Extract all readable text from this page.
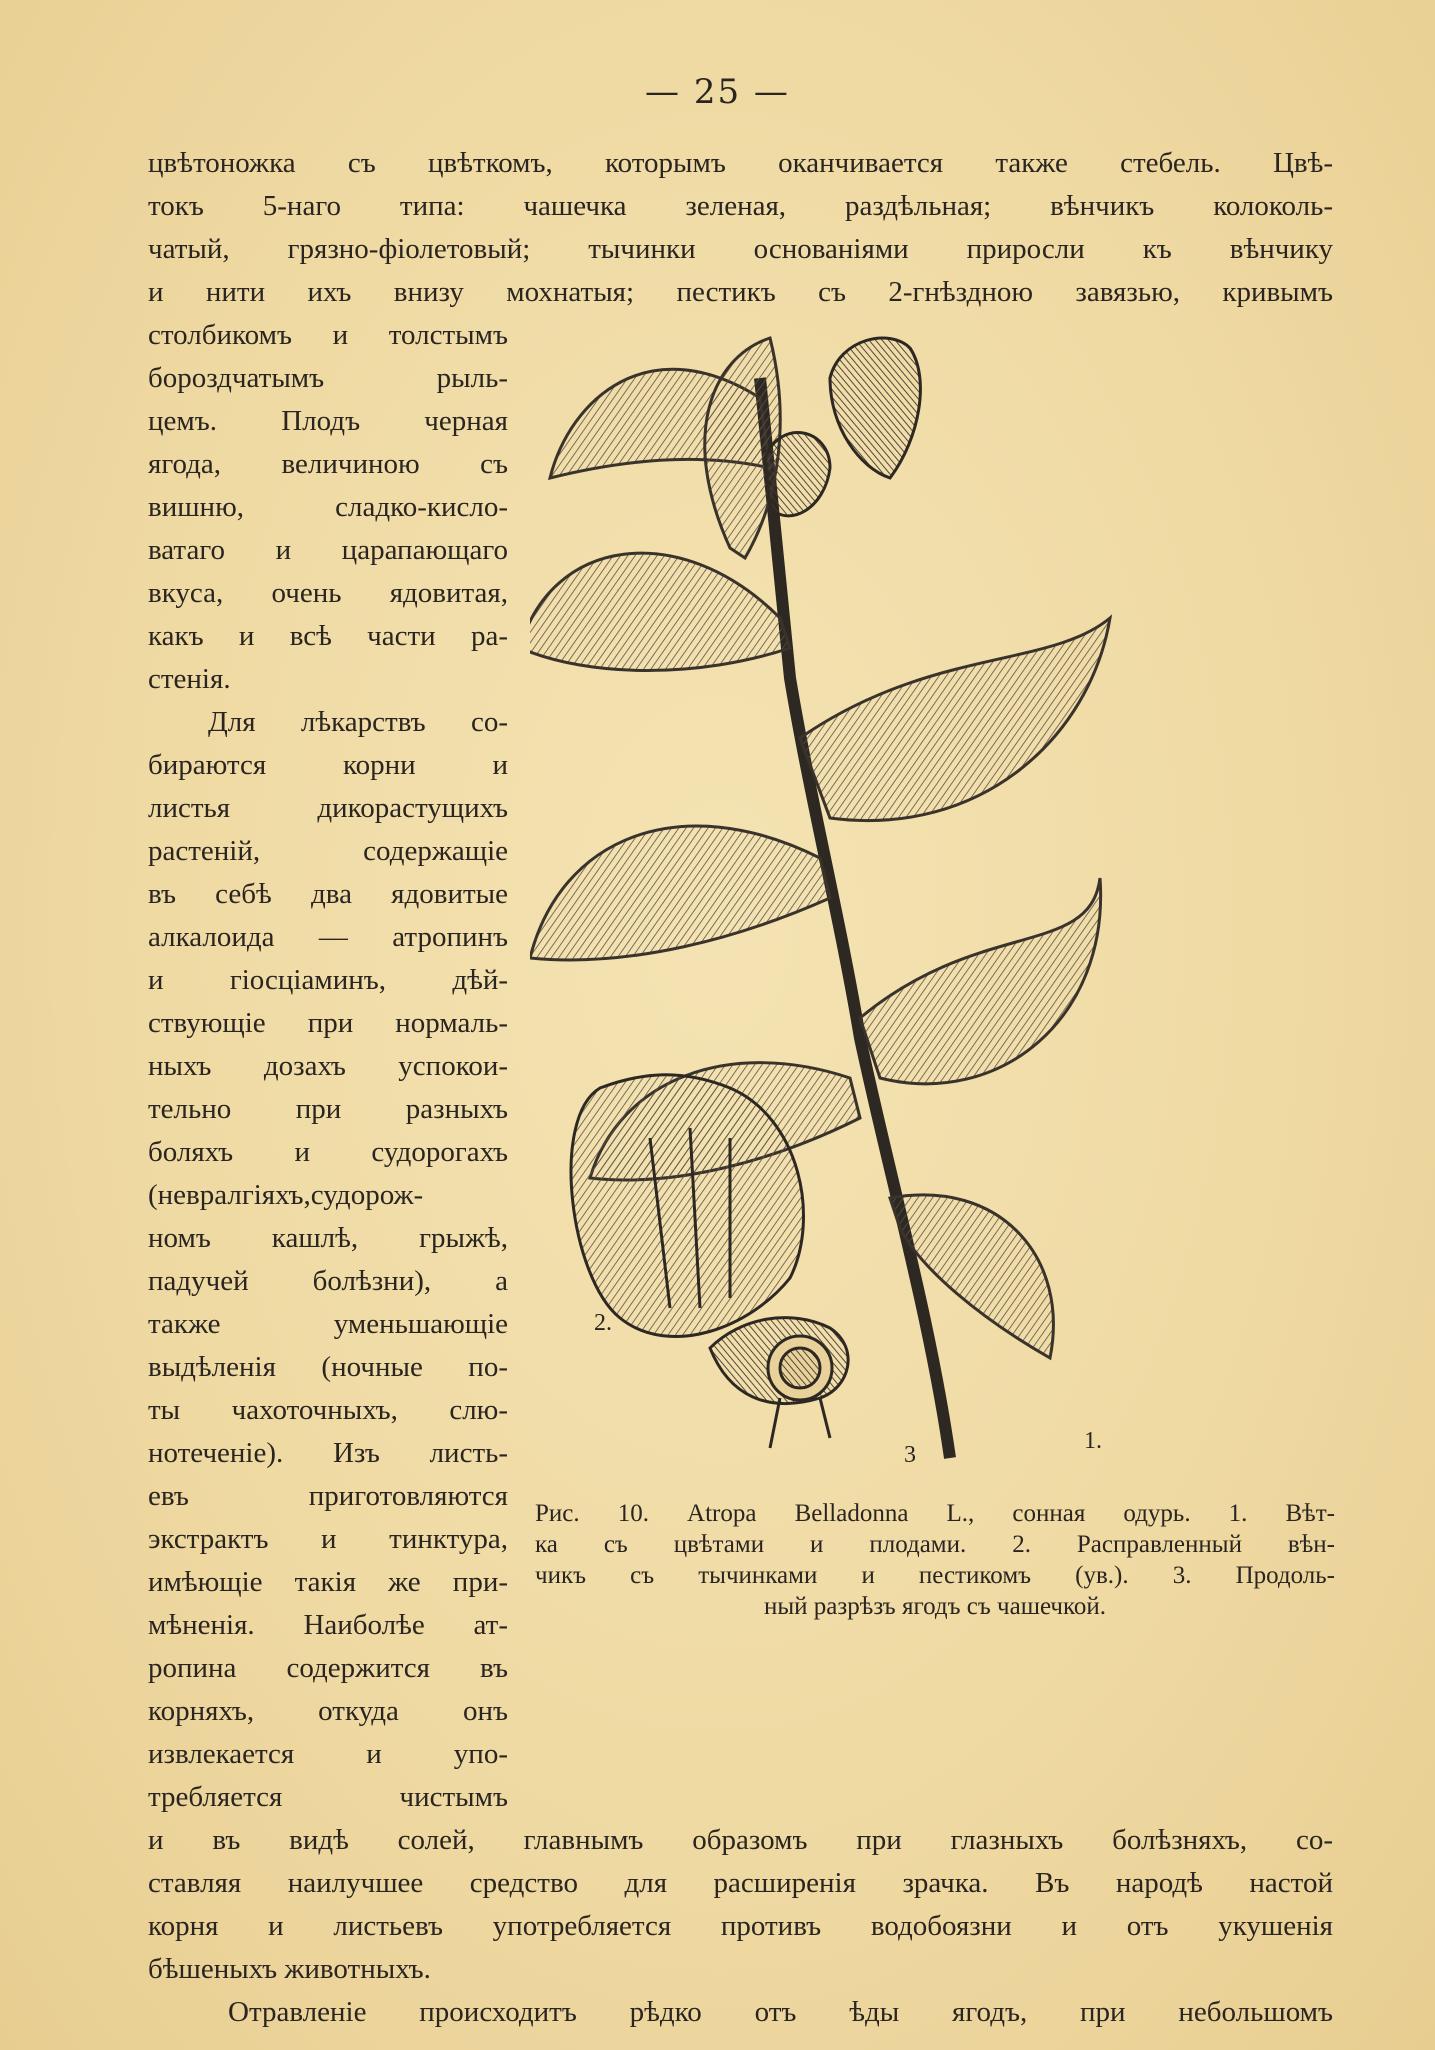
— 25 —
цвѣтоножка съ цвѣткомъ, которымъ оканчивается также стебель. Цвѣ-
токъ 5-наго типа: чашечка зеленая, раздѣльная; вѣнчикъ колоколь-
чатый, грязно-фіолетовый; тычинки основаніями приросли къ вѣнчику
и нити ихъ внизу мохнатыя; пестикъ съ 2-гнѣздною завязью, кривымъ
столбикомъ и толстымъ
бороздчатымъ рыль-
цемъ. Плодъ черная
ягода, величиною съ
вишню, сладко-кисло-
ватаго и царапающаго
вкуса, очень ядовитая,
какъ и всѣ части ра-
стенія.
Для лѣкарствъ со-
бираются корни и
листья дикорастущихъ
растеній, содержащіе
въ себѣ два ядовитые
алкалоида — атропинъ
и гіосціаминъ, дѣй-
ствующіе при нормаль-
ныхъ дозахъ успокои-
тельно при разныхъ
боляхъ и судорогахъ
(невралгіяхъ,судорож-
номъ кашлѣ, грыжѣ,
падучей болѣзни), а
также уменьшающіе
выдѣленія (ночные по-
ты чахоточныхъ, слю-
нотеченіе). Изъ листь-
евъ приготовляются
экстрактъ и тинктура,
имѣющіе такія же при-
мѣненія. Наиболѣе ат-
ропина содержится въ
корняхъ, откуда онъ
извлекается и упо-
требляется чистымъ
2.
3
1.
Рис. 10. Atropa Belladonna L., сонная одурь. 1. Вѣт-
ка съ цвѣтами и плодами. 2. Расправленный вѣн-
чикъ съ тычинками и пестикомъ (ув.). 3. Продоль-
ный разрѣзъ ягодъ съ чашечкой.
и въ видѣ солей, главнымъ образомъ при глазныхъ болѣзняхъ, со-
ставляя наилучшее средство для расширенія зрачка. Въ народѣ настой
корня и листьевъ употребляется противъ водобоязни и отъ укушенія
бѣшеныхъ животныхъ.
Отравленіе происходитъ рѣдко отъ ѣды ягодъ, при небольшомъ
